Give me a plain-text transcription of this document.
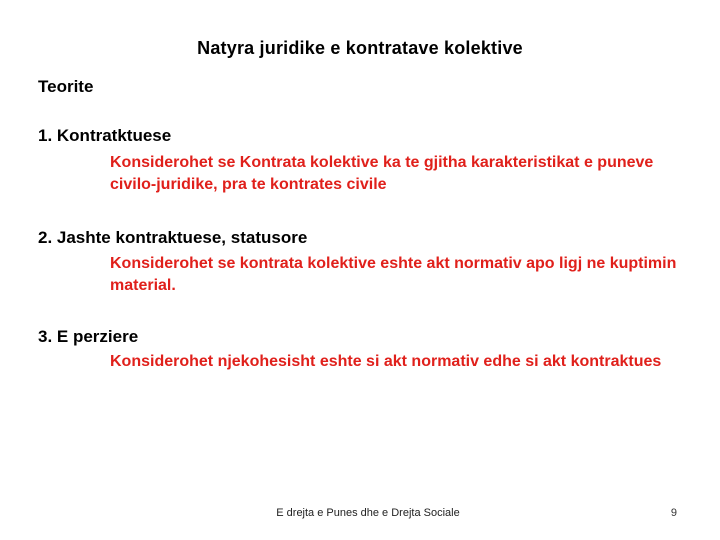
Natyra juridike e kontratave kolektive
Teorite
1. Kontratktuese
Konsiderohet se Kontrata kolektive ka te gjitha karakteristikat e puneve civilo-juridike, pra te kontrates civile
2. Jashte kontraktuese, statusore
Konsiderohet se kontrata kolektive eshte akt normativ apo ligj ne kuptimin material.
3. E perziere
Konsiderohet njekohesisht eshte si akt normativ edhe si akt kontraktues
E drejta e Punes dhe e Drejta Sociale	9
